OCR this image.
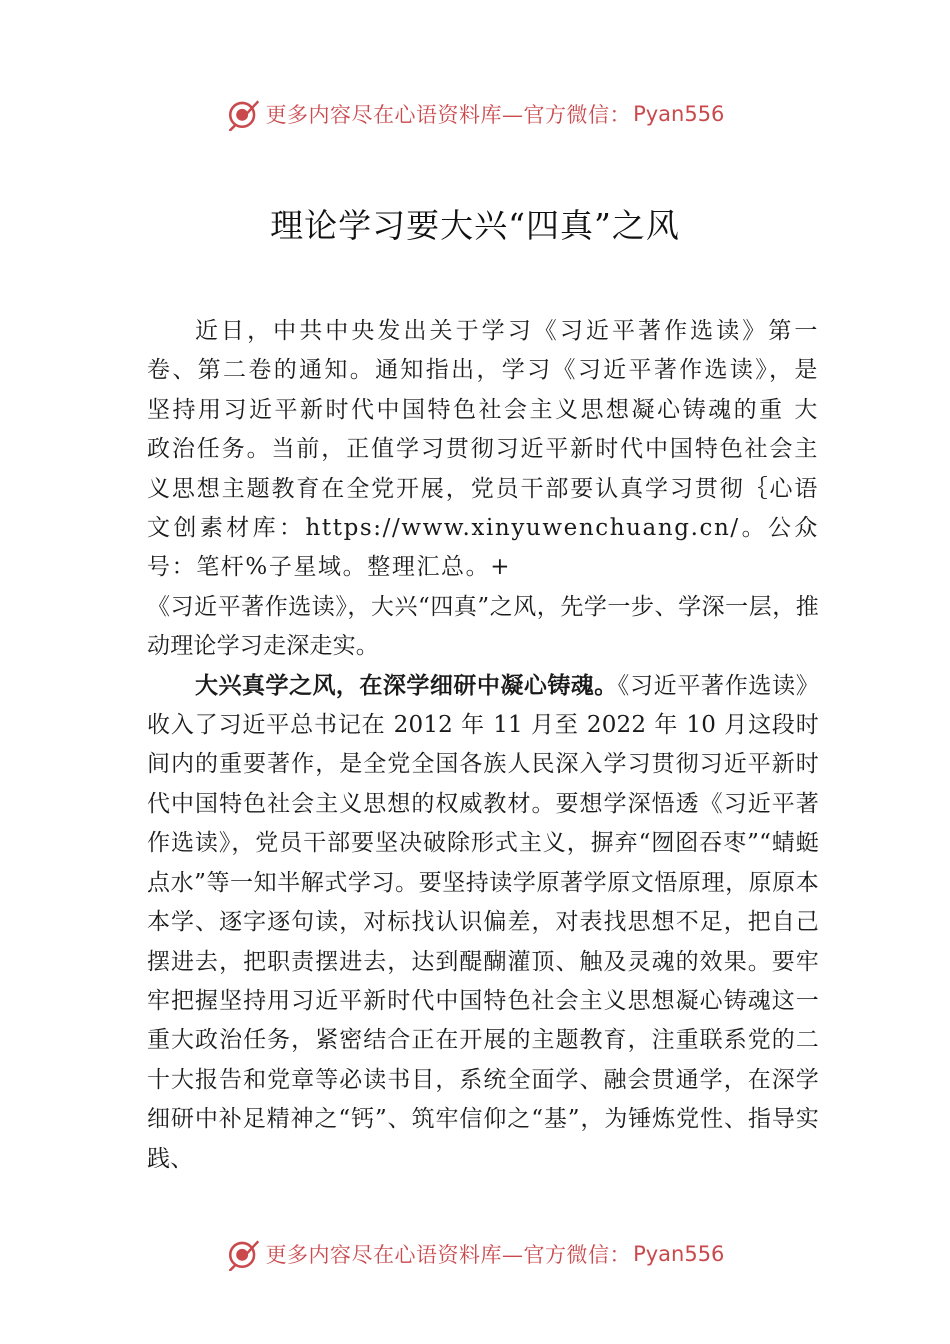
更多内容尽在心语资料库—官方微信： Pyan556
理论学习要大兴“四真”之风

近日，中共中央发出关于学习《习近平著作选读》第一卷、第二卷的通知。通知指出，学习《习近平著作选读》，是坚持用习近平新时代中国特色社会主义思想凝心铸魂的重 大政治任务。当前，正值学习贯彻习近平新时代中国特色社会主义思想主题教育在全党开展，党员干部要认真学习贯彻｛心语文创素材库：https://www.xinyuwenchuang.cn/。公众号：笔杆%子星域。整理汇总。+

《习近平著作选读》，大兴“四真”之风，先学一步、学深一层，推动理论学习走深走实。

大兴真学之风，在深学细研中凝心铸魂。《习近平著作选读》收入了习近平总书记在 2012 年 11 月至 2022 年 10 月这段时间内的重要著作，是全党全国各族人民深入学习贯彻习近平新时代中国特色社会主义思想的权威教材。要想学深悟透《习近平著作选读》，党员干部要坚决破除形式主义，摒弃“囫囵吞枣”“蜻蜓点水”等一知半解式学习。要坚持读学原著学原文悟原理，原原本本学、逐字逐句读，对标找认识偏差，对表找思想不足，把自己摆进去，把职责摆进去，达到醍醐灌顶、触及灵魂的效果。要牢牢把握坚持用习近平新时代中国特色社会主义思想凝心铸魂这一重大政治任务，紧密结合正在开展的主题教育，注重联系党的二十大报告和党章等必读书目，系统全面学、融会贯通学，在深学细研中补足精神之“钙”、筑牢信仰之“基”，为锤炼党性、指导实践、

更多内容尽在心语资料库—官方微信： Pyan556
